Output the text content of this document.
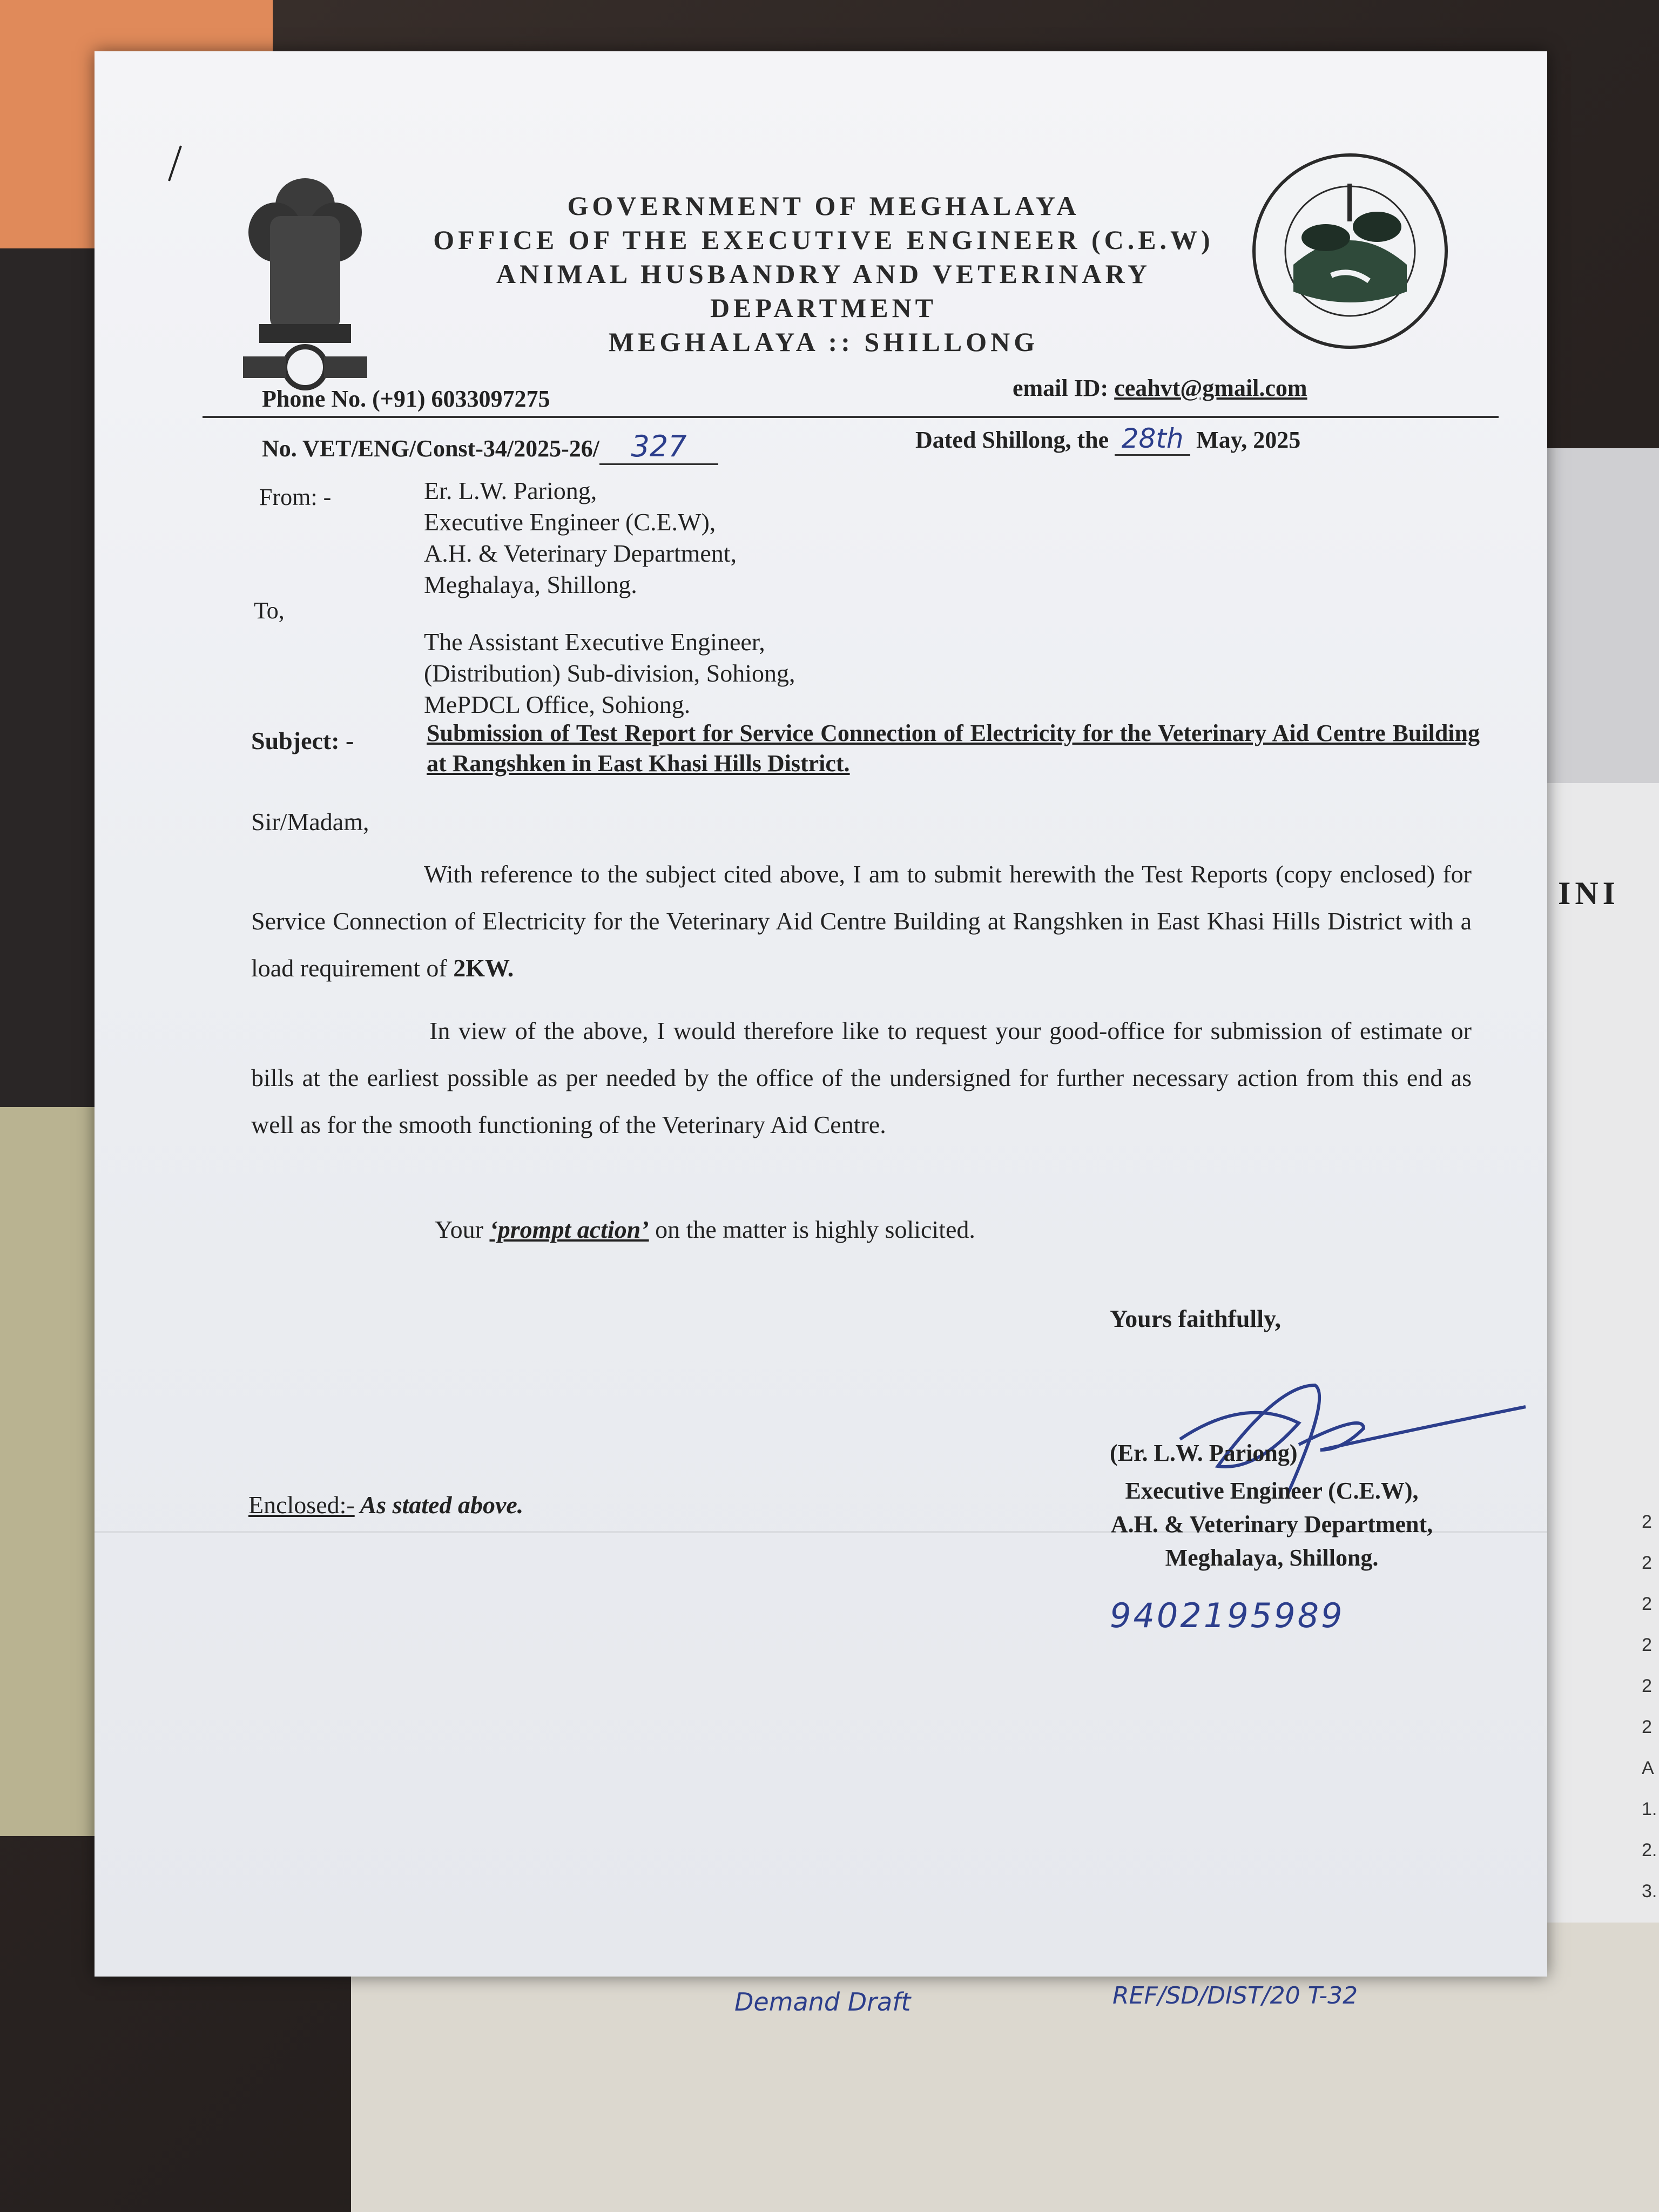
INI
2
2
2
2
2
2
A
1.
2.
3.
Demand Draft	REF/SD/DIST/20 T-32
GOVERNMENT OF MEGHALAYA
OFFICE OF THE EXECUTIVE ENGINEER (C.E.W)
ANIMAL HUSBANDRY AND VETERINARY DEPARTMENT
MEGHALAYA :: SHILLONG
Phone No. (+91) 6033097275	email ID: ceahvt@gmail.com
No. VET/ENG/Const-34/2025-26/ 327	Dated Shillong, the 28th May, 2025
From: -	Er. L.W. Pariong,
Executive Engineer (C.E.W),
A.H. & Veterinary Department,
Meghalaya, Shillong.
To,
The Assistant Executive Engineer,
(Distribution) Sub-division, Sohiong,
MePDCL Office, Sohiong.
Subject: -	Submission of Test Report for Service Connection of Electricity for the Veterinary Aid Centre Building at Rangshken in East Khasi Hills District.
Sir/Madam,
With reference to the subject cited above, I am to submit herewith the Test Reports (copy enclosed) for Service Connection of Electricity for the Veterinary Aid Centre Building at Rangshken in East Khasi Hills District with a load requirement of 2KW.
In view of the above, I would therefore like to request your good-office for submission of estimate or bills at the earliest possible as per needed by the office of the undersigned for further necessary action from this end as well as for the smooth functioning of the Veterinary Aid Centre.
Your ‘prompt action’ on the matter is highly solicited.
Yours faithfully,
(Er. L.W. Pariong)
Executive Engineer (C.E.W),
A.H. & Veterinary Department,
Meghalaya, Shillong.
9402195989
Enclosed:- As stated above.
